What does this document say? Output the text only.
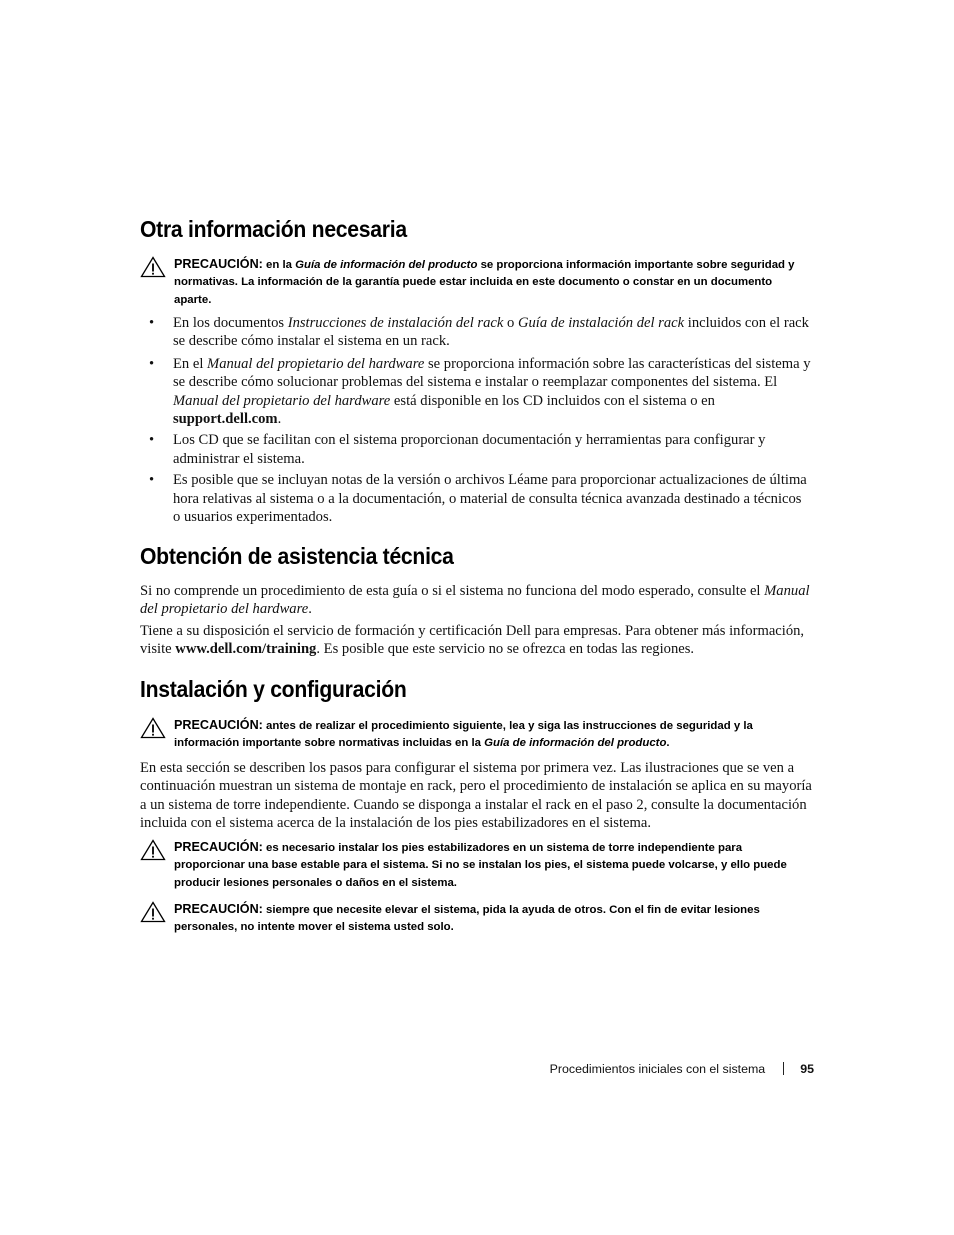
Otra información necesaria
PRECAUCIÓN: en la Guía de información del producto se proporciona información importante sobre seguridad y normativas. La información de la garantía puede estar incluida en este documento o constar en un documento aparte.
• En los documentos Instrucciones de instalación del rack o Guía de instalación del rack incluidos con el rack se describe cómo instalar el sistema en un rack.
• En el Manual del propietario del hardware se proporciona información sobre las características del sistema y se describe cómo solucionar problemas del sistema e instalar o reemplazar componentes del sistema. El Manual del propietario del hardware está disponible en los CD incluidos con el sistema o en support.dell.com.
• Los CD que se facilitan con el sistema proporcionan documentación y herramientas para configurar y administrar el sistema.
• Es posible que se incluyan notas de la versión o archivos Léame para proporcionar actualizaciones de última hora relativas al sistema o a la documentación, o material de consulta técnica avanzada destinado a técnicos o usuarios experimentados.
Obtención de asistencia técnica

Si no comprende un procedimiento de esta guía o si el sistema no funciona del modo esperado, consulte el Manual del propietario del hardware.

Tiene a su disposición el servicio de formación y certificación Dell para empresas. Para obtener más información, visite www.dell.com/training. Es posible que este servicio no se ofrezca en todas las regiones.

Instalación y configuración
PRECAUCIÓN: antes de realizar el procedimiento siguiente, lea y siga las instrucciones de seguridad y la información importante sobre normativas incluidas en la Guía de información del producto.

En esta sección se describen los pasos para configurar el sistema por primera vez. Las ilustraciones que se ven a continuación muestran un sistema de montaje en rack, pero el procedimiento de instalación se aplica en su mayoría a un sistema de torre independiente. Cuando se disponga a instalar el rack en el paso 2, consulte la documentación incluida con el sistema acerca de la instalación de los pies estabilizadores en el sistema.

PRECAUCIÓN: es necesario instalar los pies estabilizadores en un sistema de torre independiente para proporcionar una base estable para el sistema. Si no se instalan los pies, el sistema puede volcarse, y ello puede producir lesiones personales o daños en el sistema.
PRECAUCIÓN: siempre que necesite elevar el sistema, pida la ayuda de otros. Con el fin de evitar lesiones personales, no intente mover el sistema usted solo.
Procedimientos iniciales con el sistema	95
